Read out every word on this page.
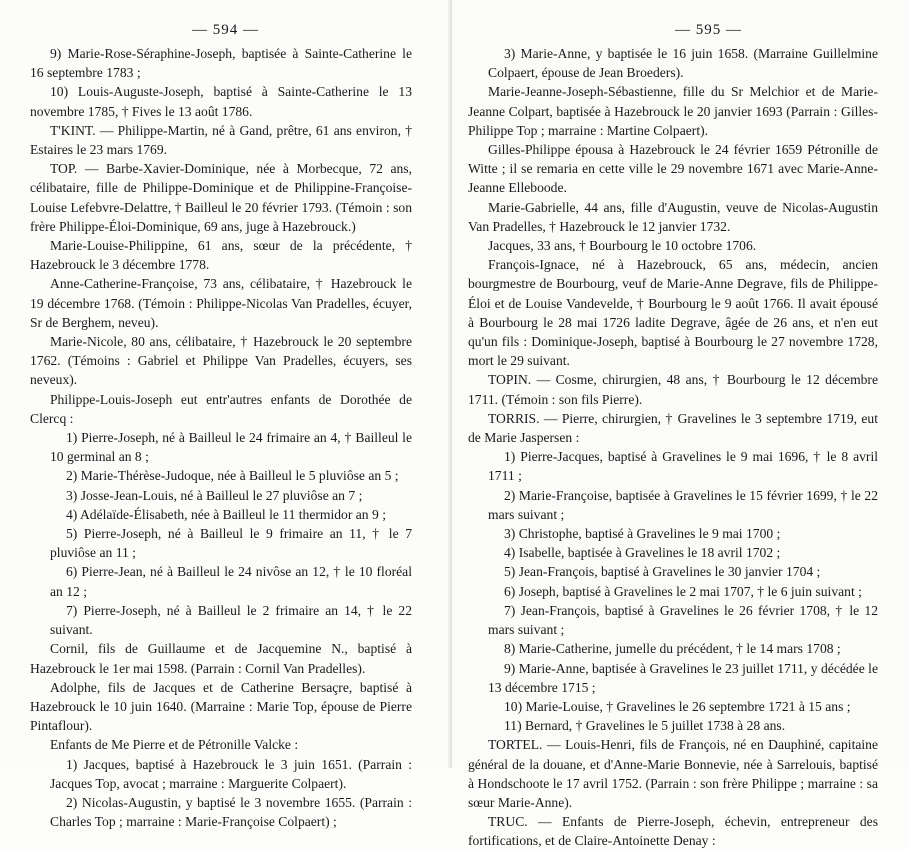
— 594 —

9) Marie-Rose-Séraphine-Joseph, baptisée à Sainte-Catherine le 16 septembre 1783 ;

10) Louis-Auguste-Joseph, baptisé à Sainte-Catherine le 13 novembre 1785, † Fives le 13 août 1786.

T'KINT. — Philippe-Martin, né à Gand, prêtre, 61 ans environ, † Estaires le 23 mars 1769.

TOP. — Barbe-Xavier-Dominique, née à Morbecque, 72 ans, célibataire, fille de Philippe-Dominique et de Philippine-Françoise-Louise Lefebvre-Delattre, † Bailleul le 20 février 1793. (Témoin : son frère Philippe-Éloi-Dominique, 69 ans, juge à Hazebrouck.)

Marie-Louise-Philippine, 61 ans, sœur de la précédente, † Hazebrouck le 3 décembre 1778.

Anne-Catherine-Françoise, 73 ans, célibataire, † Hazebrouck le 19 décembre 1768. (Témoin : Philippe-Nicolas Van Pradelles, écuyer, Sr de Berghem, neveu).

Marie-Nicole, 80 ans, célibataire, † Hazebrouck le 20 septembre 1762. (Témoins : Gabriel et Philippe Van Pradelles, écuyers, ses neveux).

Philippe-Louis-Joseph eut entr'autres enfants de Dorothée de Clercq :

1) Pierre-Joseph, né à Bailleul le 24 frimaire an 4, † Bailleul le 10 germinal an 8 ;

2) Marie-Thérèse-Judoque, née à Bailleul le 5 pluviôse an 5 ;

3) Josse-Jean-Louis, né à Bailleul le 27 pluviôse an 7 ;

4) Adélaïde-Élisabeth, née à Bailleul le 11 thermidor an 9 ;

5) Pierre-Joseph, né à Bailleul le 9 frimaire an 11, † le 7 pluviôse an 11 ;

6) Pierre-Jean, né à Bailleul le 24 nivôse an 12, † le 10 floréal an 12 ;

7) Pierre-Joseph, né à Bailleul le 2 frimaire an 14, † le 22 suivant.

Cornil, fils de Guillaume et de Jacquemine N., baptisé à Hazebrouck le 1er mai 1598. (Parrain : Cornil Van Pradelles).

Adolphe, fils de Jacques et de Catherine Bersaçre, baptisé à Hazebrouck le 10 juin 1640. (Marraine : Marie Top, épouse de Pierre Pintaflour).

Enfants de Me Pierre et de Pétronille Valcke :

1) Jacques, baptisé à Hazebrouck le 3 juin 1651. (Parrain : Jacques Top, avocat ; marraine : Marguerite Colpaert).

2) Nicolas-Augustin, y baptisé le 3 novembre 1655. (Parrain : Charles Top ; marraine : Marie-Françoise Colpaert) ;

— 595 —

3) Marie-Anne, y baptisée le 16 juin 1658. (Marraine Guillelmine Colpaert, épouse de Jean Broeders).

Marie-Jeanne-Joseph-Sébastienne, fille du Sr Melchior et de Marie-Jeanne Colpart, baptisée à Hazebrouck le 20 janvier 1693 (Parrain : Gilles-Philippe Top ; marraine : Martine Colpaert).

Gilles-Philippe épousa à Hazebrouck le 24 février 1659 Pétronille de Witte ; il se remaria en cette ville le 29 novembre 1671 avec Marie-Anne-Jeanne Elleboode.

Marie-Gabrielle, 44 ans, fille d'Augustin, veuve de Nicolas-Augustin Van Pradelles, † Hazebrouck le 12 janvier 1732.

Jacques, 33 ans, † Bourbourg le 10 octobre 1706.

François-Ignace, né à Hazebrouck, 65 ans, médecin, ancien bourgmestre de Bourbourg, veuf de Marie-Anne Degrave, fils de Philippe-Éloi et de Louise Vandevelde, † Bourbourg le 9 août 1766. Il avait épousé à Bourbourg le 28 mai 1726 ladite Degrave, âgée de 26 ans, et n'en eut qu'un fils : Dominique-Joseph, baptisé à Bourbourg le 27 novembre 1728, mort le 29 suivant.

TOPIN. — Cosme, chirurgien, 48 ans, † Bourbourg le 12 décembre 1711. (Témoin : son fils Pierre).

TORRIS. — Pierre, chirurgien, † Gravelines le 3 septembre 1719, eut de Marie Jaspersen :

1) Pierre-Jacques, baptisé à Gravelines le 9 mai 1696, † le 8 avril 1711 ;

2) Marie-Françoise, baptisée à Gravelines le 15 février 1699, † le 22 mars suivant ;

3) Christophe, baptisé à Gravelines le 9 mai 1700 ;

4) Isabelle, baptisée à Gravelines le 18 avril 1702 ;

5) Jean-François, baptisé à Gravelines le 30 janvier 1704 ;

6) Joseph, baptisé à Gravelines le 2 mai 1707, † le 6 juin suivant ;

7) Jean-François, baptisé à Gravelines le 26 février 1708, † le 12 mars suivant ;

8) Marie-Catherine, jumelle du précédent, † le 14 mars 1708 ;

9) Marie-Anne, baptisée à Gravelines le 23 juillet 1711, y décédée le 13 décembre 1715 ;

10) Marie-Louise, † Gravelines le 26 septembre 1721 à 15 ans ;

11) Bernard, † Gravelines le 5 juillet 1738 à 28 ans.

TORTEL. — Louis-Henri, fils de François, né en Dauphiné, capitaine général de la douane, et d'Anne-Marie Bonnevie, née à Sarrelouis, baptisé à Hondschoote le 17 avril 1752. (Parrain : son frère Philippe ; marraine : sa sœur Marie-Anne).

TRUC. — Enfants de Pierre-Joseph, échevin, entrepreneur des fortifications, et de Claire-Antoinette Denay :
